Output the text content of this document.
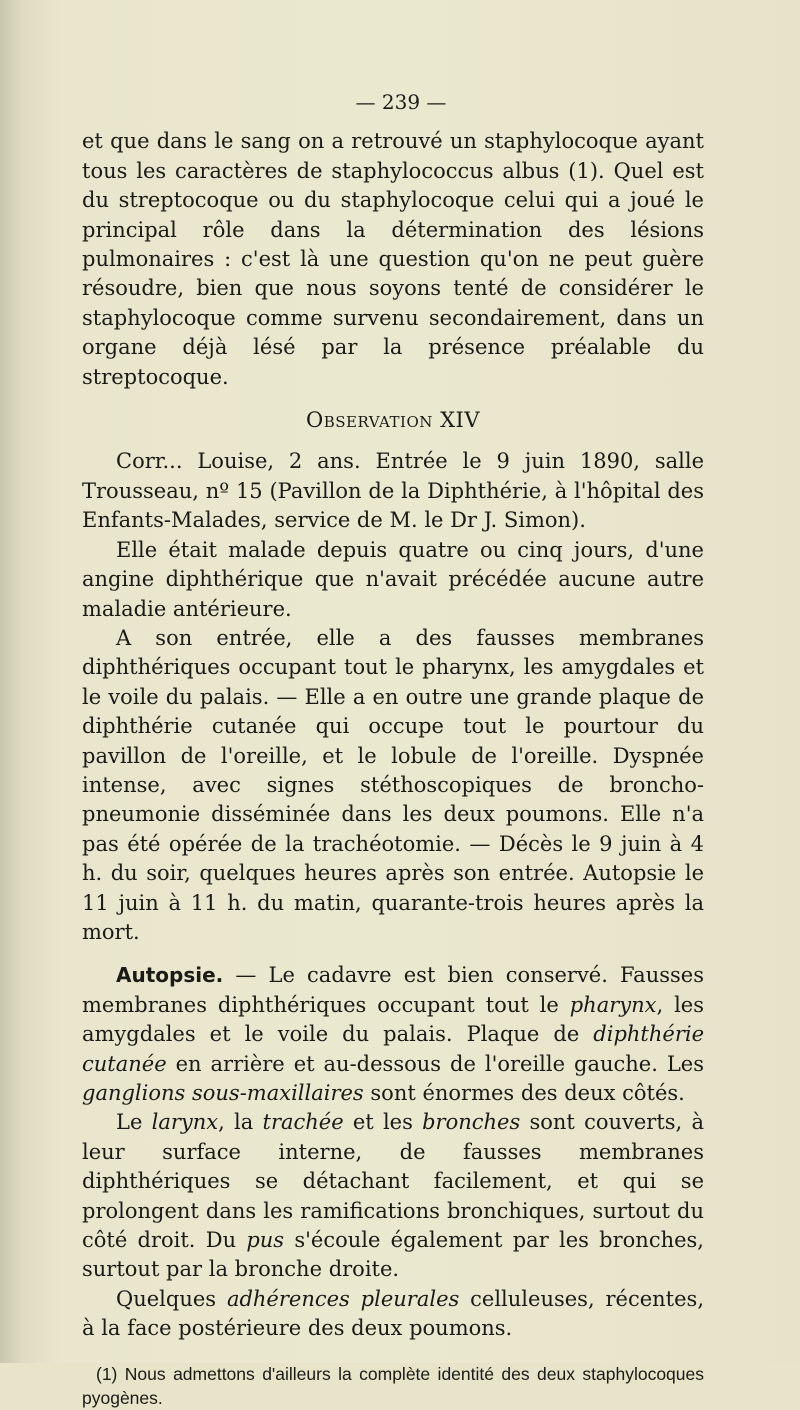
— 239 —

et que dans le sang on a retrouvé un staphylocoque ayant tous les caractères de staphylococcus albus (1). Quel est du streptocoque ou du staphylocoque celui qui a joué le principal rôle dans la détermination des lésions pulmonaires : c'est là une question qu'on ne peut guère résoudre, bien que nous soyons tenté de considérer le staphylocoque comme survenu secondairement, dans un organe déjà lésé par la présence préalable du streptocoque.

Observation XIV

Corr... Louise, 2 ans. Entrée le 9 juin 1890, salle Trousseau, nº 15 (Pavillon de la Diphthérie, à l'hôpital des Enfants-Malades, service de M. le Dr J. Simon).

Elle était malade depuis quatre ou cinq jours, d'une angine diphthérique que n'avait précédée aucune autre maladie antérieure.

A son entrée, elle a des fausses membranes diphthériques occupant tout le pharynx, les amygdales et le voile du palais. — Elle a en outre une grande plaque de diphthérie cutanée qui occupe tout le pourtour du pavillon de l'oreille, et le lobule de l'oreille. Dyspnée intense, avec signes stéthoscopiques de broncho-pneumonie disséminée dans les deux poumons. Elle n'a pas été opérée de la trachéotomie. — Décès le 9 juin à 4 h. du soir, quelques heures après son entrée. Autopsie le 11 juin à 11 h. du matin, quarante-trois heures après la mort.

Autopsie. — Le cadavre est bien conservé. Fausses membranes diphthériques occupant tout le pharynx, les amygdales et le voile du palais. Plaque de diphthérie cutanée en arrière et au-dessous de l'oreille gauche. Les ganglions sous-maxillaires sont énormes des deux côtés.

Le larynx, la trachée et les bronches sont couverts, à leur surface interne, de fausses membranes diphthériques se détachant facilement, et qui se prolongent dans les ramifications bronchiques, surtout du côté droit. Du pus s'écoule également par les bronches, surtout par la bronche droite.

Quelques adhérences pleurales celluleuses, récentes, à la face postérieure des deux poumons.

(1) Nous admettons d'ailleurs la complète identité des deux staphylocoques pyogènes.
